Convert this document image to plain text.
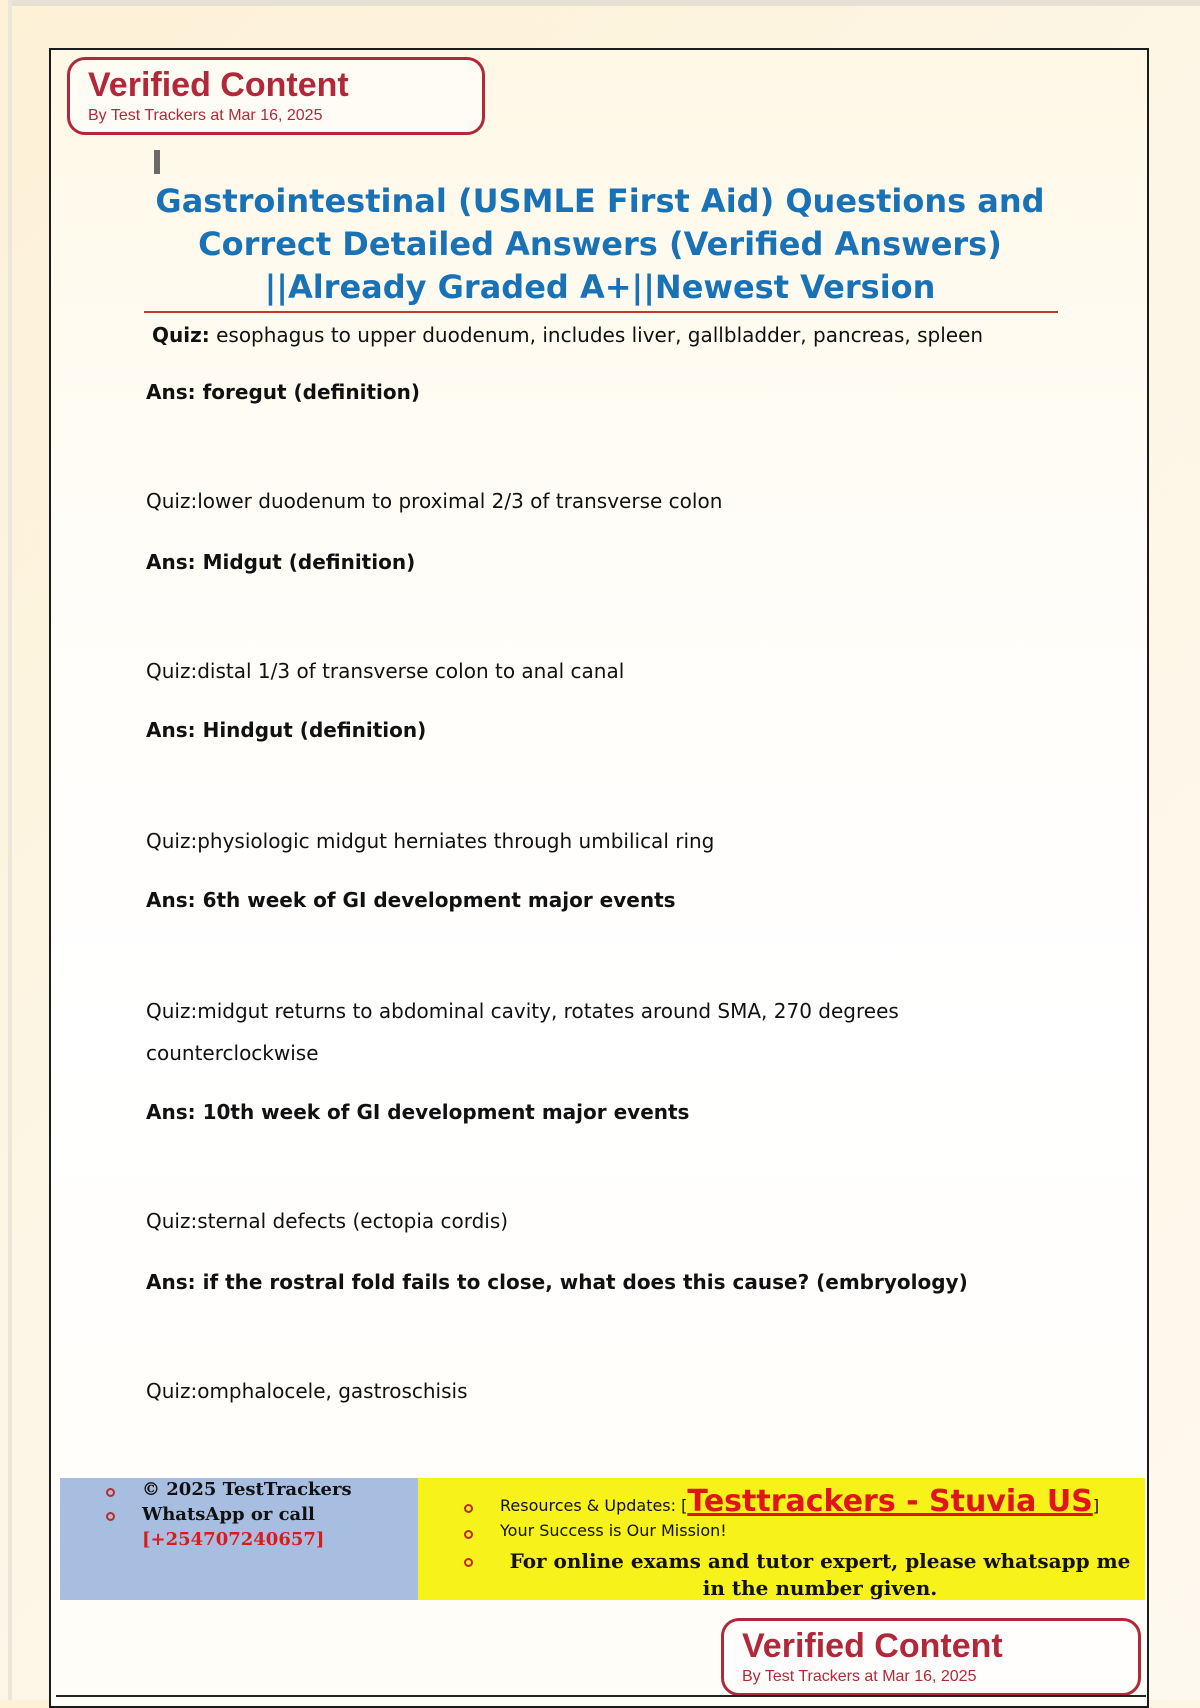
Verified Content
By Test Trackers at Mar 16, 2025
Gastrointestinal (USMLE First Aid) Questions and Correct Detailed Answers (Verified Answers) ||Already Graded A+||Newest Version
Quiz: esophagus to upper duodenum, includes liver, gallbladder, pancreas, spleen
Ans: foregut (definition)
Quiz:lower duodenum to proximal 2/3 of transverse colon
Ans: Midgut (definition)
Quiz:distal 1/3 of transverse colon to anal canal
Ans: Hindgut (definition)
Quiz:physiologic midgut herniates through umbilical ring
Ans: 6th week of GI development major events
Quiz:midgut returns to abdominal cavity, rotates around SMA, 270 degrees
counterclockwise
Ans: 10th week of GI development major events
Quiz:sternal defects (ectopia cordis)
Ans: if the rostral fold fails to close, what does this cause? (embryology)
Quiz:omphalocele, gastroschisis
© 2025 TestTrackers
WhatsApp or call
[+254707240657]
Resources & Updates: [Testtrackers - Stuvia US]
Your Success is Our Mission!
For online exams and tutor expert, please whatsapp me in the number given.
Verified Content
By Test Trackers at Mar 16, 2025
